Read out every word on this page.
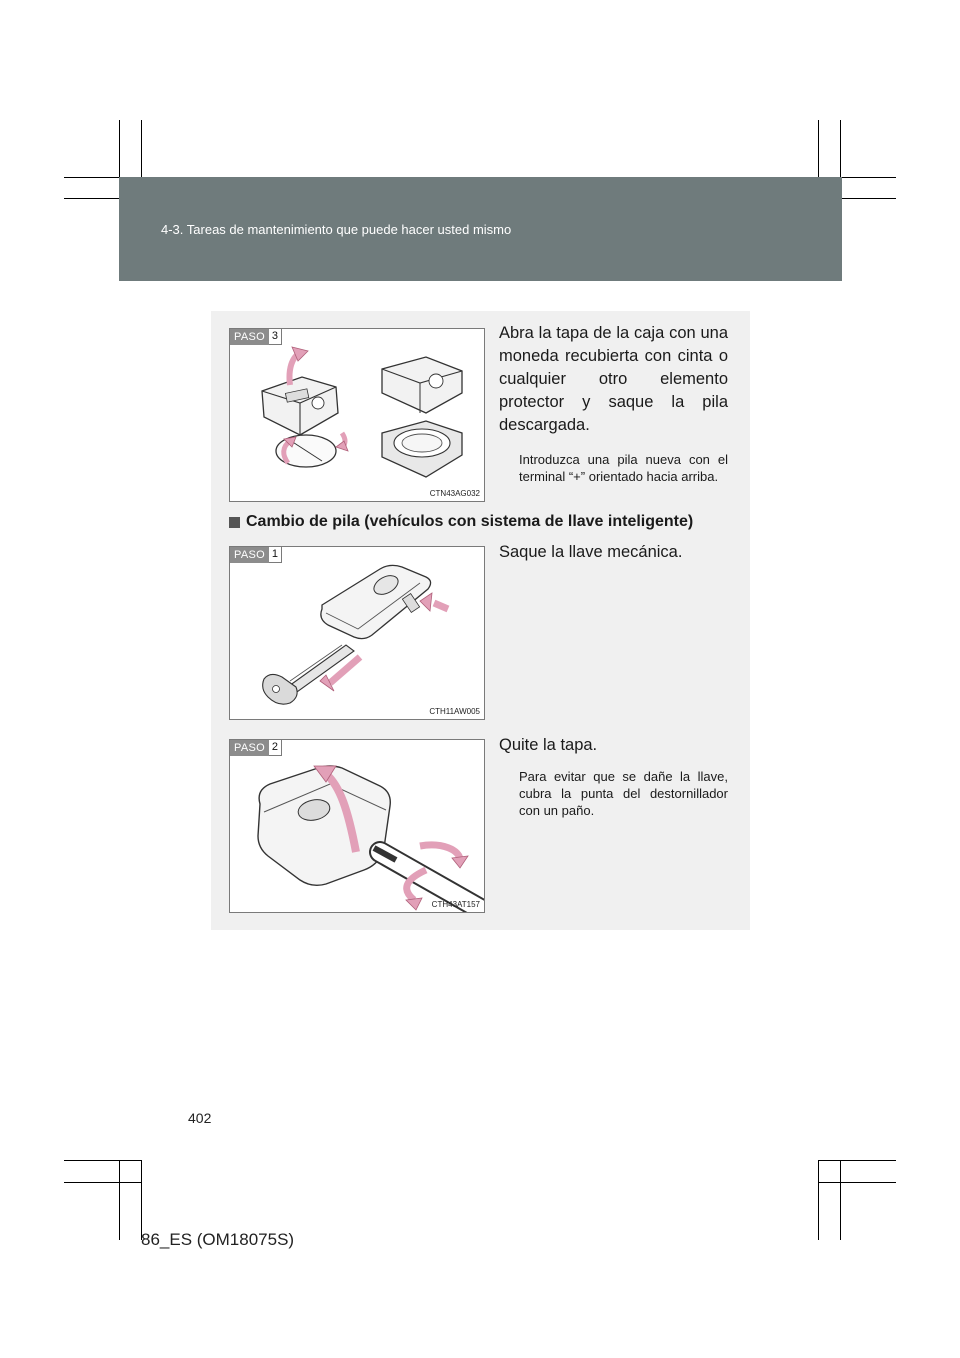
4-3. Tareas de mantenimiento que puede hacer usted mismo
PASO 3
CTN43AG032
Abra la tapa de la caja con una moneda recubierta con cinta o cualquier otro elemento protector y saque la pila descargada.
Introduzca una pila nueva con el terminal “+” orientado hacia arriba.
Cambio de pila (vehículos con sistema de llave inteligente)
PASO 1
CTH11AW005
Saque la llave mecánica.
PASO 2
CTH43AT157
Quite la tapa.
Para evitar que se dañe la llave, cubra la punta del destornillador con un paño.
402
86_ES (OM18075S)
